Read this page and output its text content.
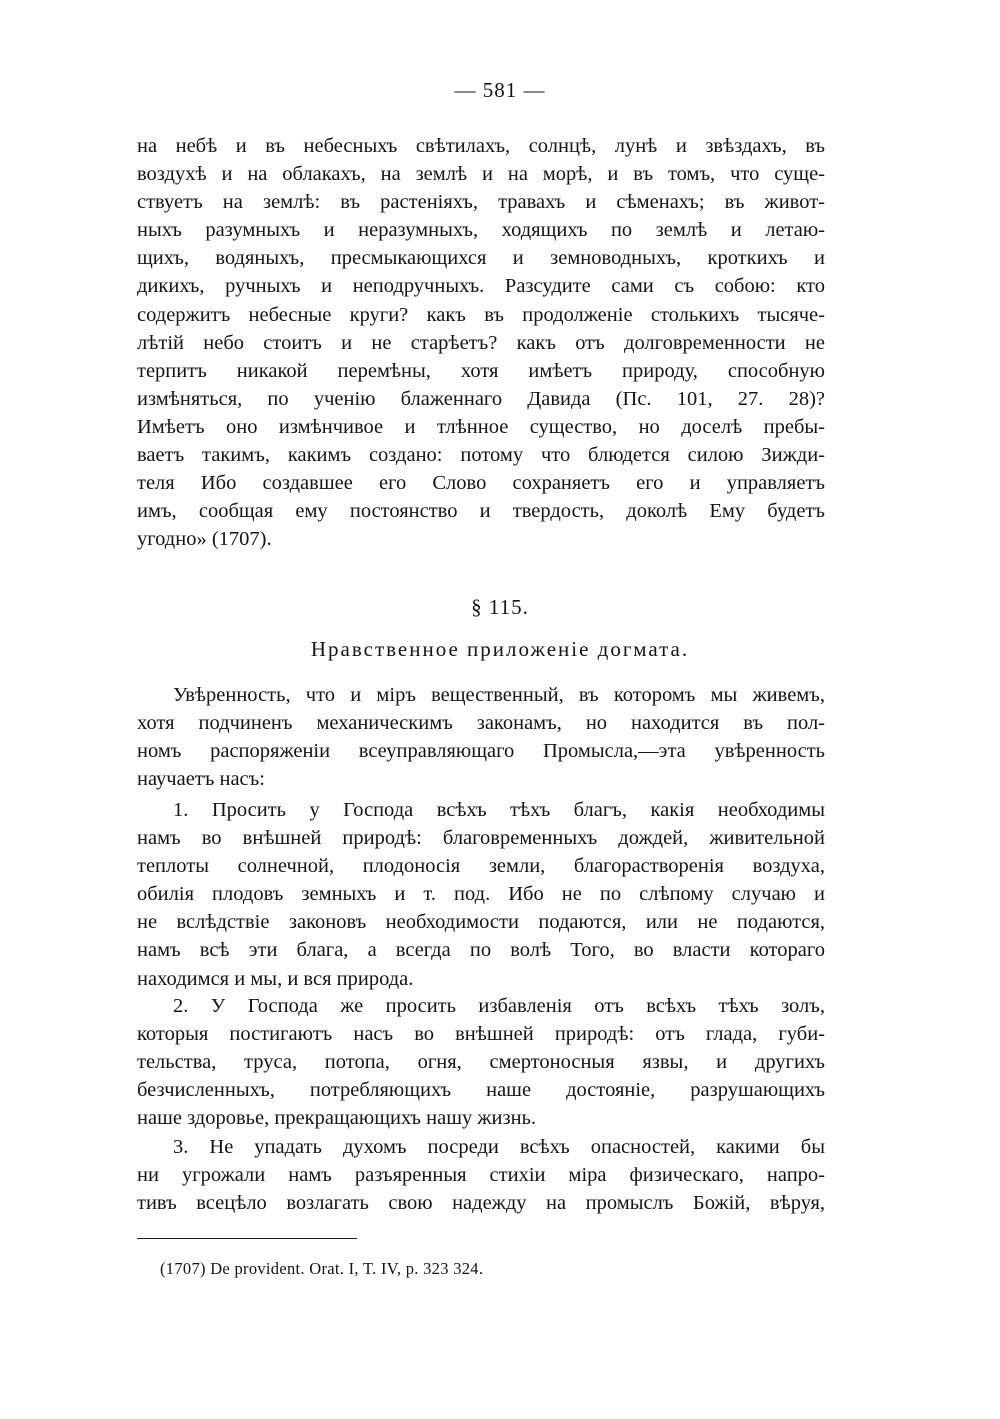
— 581 —
на небѣ и въ небесныхъ свѣтилахъ, солнцѣ, лунѣ и звѣздахъ, въ
воздухѣ и на облакахъ, на землѣ и на морѣ, и въ томъ, что суще-
ствуетъ на землѣ: въ растеніяхъ, травахъ и сѣменахъ; въ живот-
ныхъ разумныхъ и неразумныхъ, ходящихъ по землѣ и летаю-
щихъ, водяныхъ, пресмыкающихся и земноводныхъ, кроткихъ и
дикихъ, ручныхъ и неподручныхъ. Разсудите сами съ собою: кто
содержитъ небесные круги? какъ въ продолженіе столькихъ тысяче-
лѣтій небо стоитъ и не старѣетъ? какъ отъ долговременности не
терпитъ никакой перемѣны, хотя имѣетъ природу, способную
измѣняться, по ученію блаженнаго Давида (Пс. 101, 27. 28)?
Имѣетъ оно измѣнчивое и тлѣнное существо, но доселѣ пребы-
ваетъ такимъ, какимъ создано: потому что блюдется силою Зижди-
теля Ибо создавшее его Слово сохраняетъ его и управляетъ
имъ, сообщая ему постоянство и твердость, доколѣ Ему будетъ
угодно» (1707).
§ 115.
Нравственное приложеніе догмата.
Увѣренность, что и міръ вещественный, въ которомъ мы живемъ,
хотя подчиненъ механическимъ законамъ, но находится въ пол-
номъ распоряженіи всеуправляющаго Промысла,—эта увѣренность
научаетъ насъ:
1. Просить у Господа всѣхъ тѣхъ благъ, какія необходимы
намъ во внѣшней природѣ: благовременныхъ дождей, живительной
теплоты солнечной, плодоносія земли, благорастворенія воздуха,
обилія плодовъ земныхъ и т. под. Ибо не по слѣпому случаю и
не вслѣдствіе законовъ необходимости подаются, или не подаются,
намъ всѣ эти блага, а всегда по волѣ Того, во власти котораго
находимся и мы, и вся природа.
2. У Господа же просить избавленія отъ всѣхъ тѣхъ золъ,
которыя постигаютъ насъ во внѣшней природѣ: отъ глада, губи-
тельства, труса, потопа, огня, смертоносныя язвы, и другихъ
безчисленныхъ, потребляющихъ наше достояніе, разрушающихъ
наше здоровье, прекращающихъ нашу жизнь.
3. Не упадать духомъ посреди всѣхъ опасностей, какими бы
ни угрожали намъ разъяренныя стихіи міра физическаго, напро-
тивъ всецѣло возлагать свою надежду на промыслъ Божій, вѣруя,
(1707) De provident. Orat. I, T. IV, p. 323 324.
